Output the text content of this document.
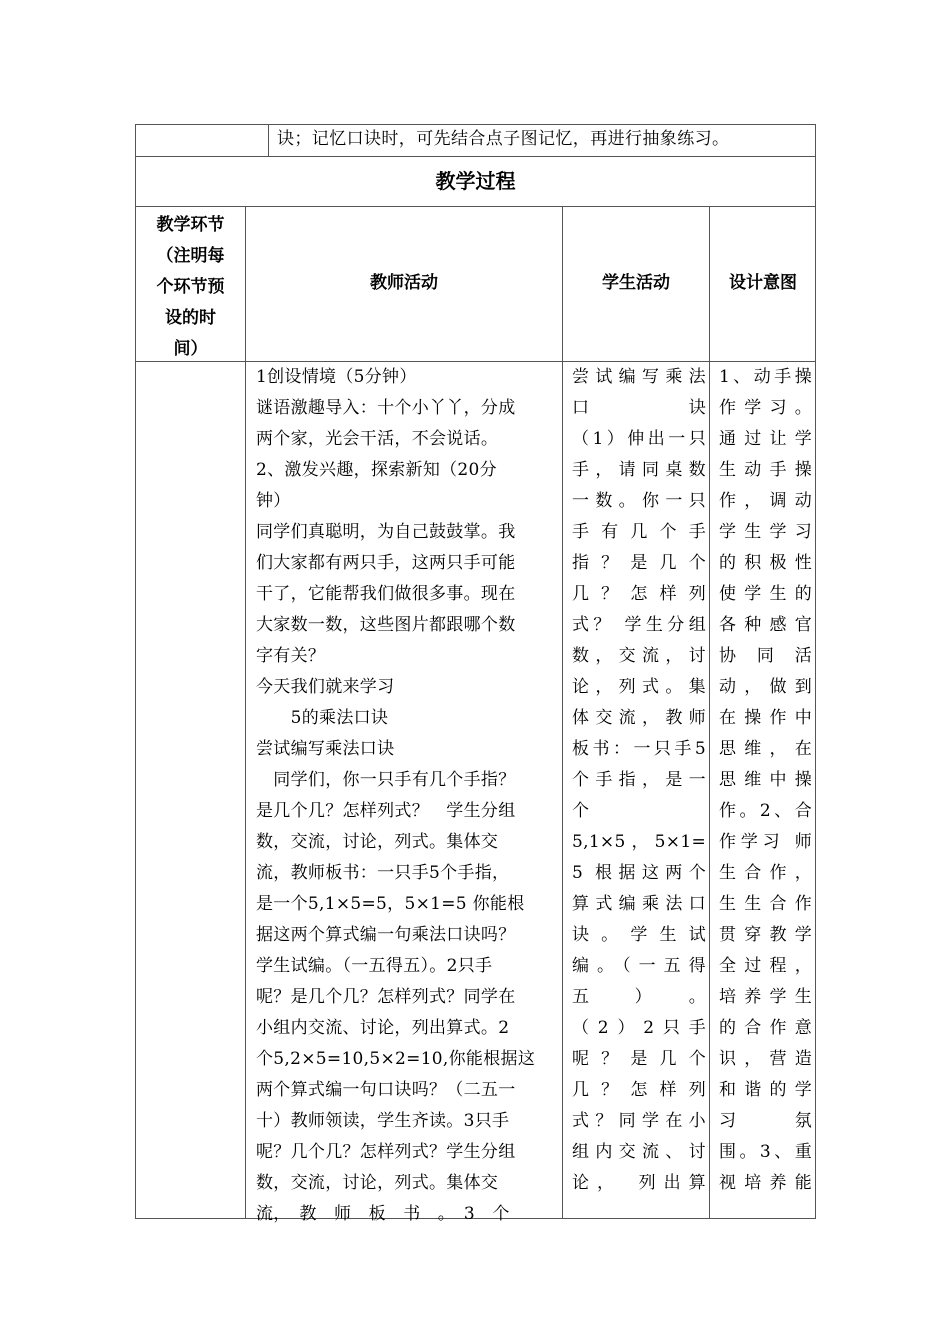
诀；记忆口诀时，可先结合点子图记忆，再进行抽象练习。
教学过程
教学环节
（注明每
个环节预
设的时
间）
教师活动	学生活动	设计意图
1创设情境（5分钟）
谜语激趣导入：十个小丫丫，分成
两个家，光会干活，不会说话。
2、激发兴趣，探索新知（20分
钟）
同学们真聪明，为自己鼓鼓掌。我
们大家都有两只手，这两只手可能
干了，它能帮我们做很多事。现在
大家数一数，这些图片都跟哪个数
字有关？
今天我们就来学习
　　5的乘法口诀
尝试编写乘法口诀
　同学们，你一只手有几个手指？
是几个几？怎样列式？　学生分组
数，交流，讨论，列式。集体交
流，教师板书：一只手5个手指，
是一个5,1×5=5，5×1=5 你能根
据这两个算式编一句乘法口诀吗？
学生试编。（一五得五）。2只手
呢？是几个几？怎样列式？同学在
小组内交流、讨论，列出算式。2
个5,2×5=10,5×2=10,你能根据这
两个算式编一句口诀吗？（二五一
十）教师领读，学生齐读。3只手
呢？几个几？怎样列式？学生分组
数，交流，讨论，列式。集体交
流，　教　师　板　书　。　3　个
尝试编写乘法
口诀
（1）伸出一只
手，请同桌数
一数。你一只
手有几个手
指？是几个
几？怎样列
式？ 学生分组
数，交流，讨
论，列式。集
体交流，教师
板书：一只手5
个手指，是一
个
5,1×5，5×1=
5 根据这两个
算式编乘法口
诀。学生试
编。（一五得
五）。
（2）2只手
呢？是几个
几？怎样列
式？同学在小
组内交流、讨
论，　列出算
1、动手操
作学习。
通过让学
生动手操
作，调动
学生学习
的积极性
使学生的
各种感官
协　同　活
动，做到
在操作中
思维，在
思维中操
作。2、合
作学习 师
生合作，
生生合作
贯穿教学
全过程，
培养学生
的合作意
识，营造
和谐的学
习　　氛
围。3、重
视培养能
